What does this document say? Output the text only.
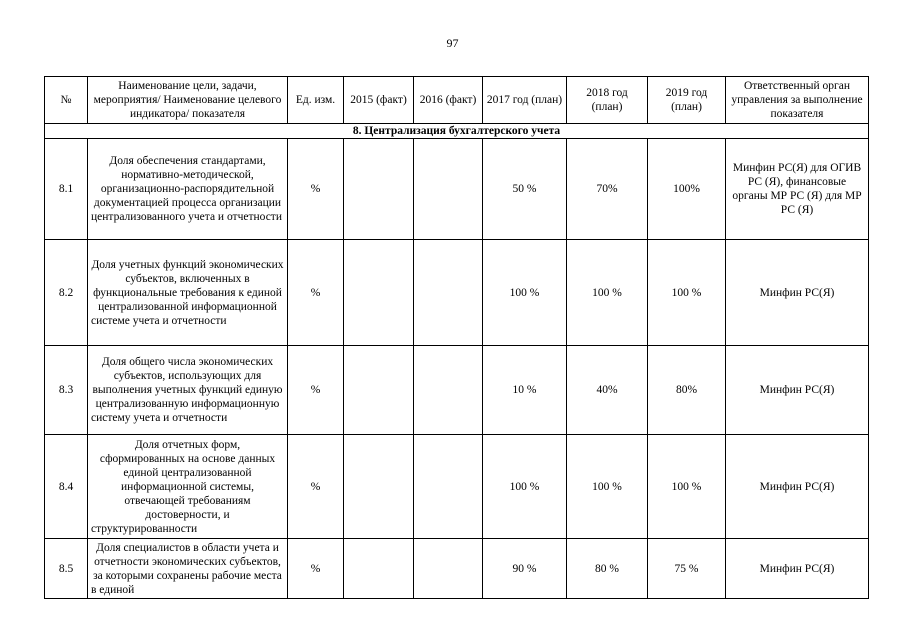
97
№	Наименование цели, задачи, мероприятия/ Наименование целевого индикатора/ показателя	Ед. изм.	2015 (факт)	2016 (факт)	2017 год (план)	2018 год (план)	2019 год (план)	Ответственный орган управления за выполнение показателя
8. Централизация бухгалтерского учета								
8.1	Доля обеспечения стандартами, нормативно-методической, организационно-распорядительной документацией процесса организации централизованного учета и отчетности	%			50 %	70%	100%	Минфин РС(Я) для ОГИВ РС (Я), финансовые органы МР РС (Я) для МР РС (Я)
8.2	Доля учетных функций экономических субъектов, включенных в функциональные требования к единой централизованной информационной системе учета и отчетности	%			100 %	100 %	100 %	Минфин РС(Я)
8.3	Доля общего числа экономических субъектов, использующих для выполнения учетных функций единую централизованную информационную систему учета и отчетности	%			10 %	40%	80%	Минфин РС(Я)
8.4	Доля отчетных форм, сформированных на основе данных единой централизованной информационной системы, отвечающей требованиям достоверности, и структурированности	%			100 %	100 %	100 %	Минфин РС(Я)
8.5	Доля специалистов в области учета и отчетности экономических субъектов, за которыми сохранены рабочие места в единой	%			90 %	80 %	75 %	Минфин РС(Я)
